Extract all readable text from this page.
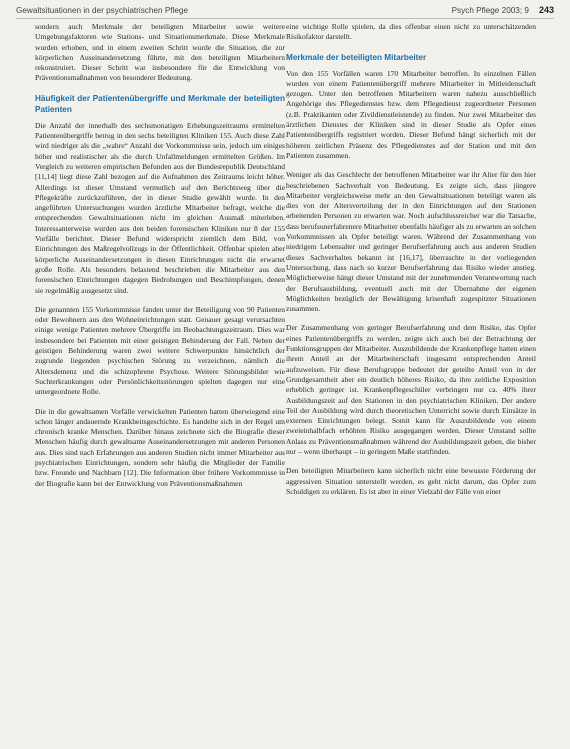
Gewaltsituationen in der psychiatrischen Pflege	Psych Pflege 2003; 9 243

sondern auch Merkmale der beteiligten Mitarbeiter sowie weitere Umgebungsfaktoren wie Stations- und Situationsmerkmale. Diese Merkmale wurden erhoben, und in einem zweiten Schritt wurde die Situation, die zur körperlichen Auseinandersetzung führte, mit den beteiligten Mitarbeitern rekonstruiert. Dieser Schritt war insbesondere für die Entwicklung von Präventionsmaßnahmen von besonderer Bedeutung.

Häufigkeit der Patientenübergriffe und Merkmale der beteiligten Patienten

Die Anzahl der innerhalb des sechsmonatigen Erhebungszeitraums ermittelten Patientenübergriffe betrug in den sechs beteiligten Kliniken 155. Auch diese Zahl wird niedriger als die „wahre“ Anzahl der Vorkommnisse sein, jedoch um einiges höher und realistischer als die durch Unfallmeldungen ermittelten Größen. Im Vergleich zu weiteren empirischen Befunden aus der Bundesrepublik Deutschland [11,14] liegt diese Zahl bezogen auf die Aufnahmen des Zeitraums leicht höher. Allerdings ist dieser Umstand vermutlich auf den Berichtsweg über die Pflegekräfte zurückzuführen, der in dieser Studie gewählt wurde. In den angeführten Untersuchungen wurden ärztliche Mitarbeiter befragt, welche die entsprechenden Gewaltsituationen nicht im gleichen Ausmaß miterleben. Interessanterweise wurden aus den beiden forensischen Kliniken nur 8 der 155 Vorfälle berichtet. Dieser Befund widerspricht ziemlich dem Bild, von Einrichtungen des Maßregelvollzugs in der Öffentlichkeit. Offenbar spielen aber körperliche Auseinandersetzungen in diesen Einrichtungen nicht die erwartet große Rolle. Als besonders belastend beschrieben die Mitarbeiter aus den forensischen Einrichtungen dagegen Bedrohungen und Beschimpfungen, denen sie regelmäßig ausgesetzt sind.

Die genannten 155 Vorkommnisse fanden unter der Beteiligung von 90 Patienten oder Bewohnern aus den Wohneinrichtungen statt. Genauer gesagt verursachten einige wenige Patienten mehrere Übergriffe im Beobachtungszeitraum. Dies war insbesondere bei Patienten mit einer geistigen Behinderung der Fall. Neben der geistigen Behinderung waren zwei weitere Schwerpunkte hinsichtlich der zugrunde liegenden psychischen Störung zu verzeichnen, nämlich die Altersdemenz und die schizophrene Psychose. Weitere Störungsbilder wie Suchterkrankungen oder Persönlichkeitsstörungen spielten dagegen nur eine untergeordnete Rolle.

Die in die gewaltsamen Vorfälle verwickelten Patienten hatten überwiegend eine schon länger andauernde Krankheitsgeschichte. Es handelte sich in der Regel um chronisch kranke Menschen. Darüber hinaus zeichnete sich die Biografie dieser Menschen häufig durch gewaltsame Auseinandersetzungen mit anderen Personen aus. Dies sind nach Erfahrungen aus anderen Studien nicht immer Mitarbeiter aus psychiatrischen Einrichtungen, sondern sehr häufig die Mitglieder der Familie bzw. Freunde und Nachbarn [12]. Die Information über frühere Vorkommnisse in der Biografie kann bei der Entwicklung von Präventionsmaßnahmen

eine wichtige Rolle spielen, da dies offenbar einen nicht zu unterschätzenden Risikofaktor darstellt.

Merkmale der beteiligten Mitarbeiter

Von den 155 Vorfällen waren 170 Mitarbeiter betroffen. In einzelnen Fällen wurden von einem Patientenübergriff mehrere Mitarbeiter in Mitleidenschaft gezogen. Unter den betroffenen Mitarbeitern waren nahezu ausschließlich Angehörige des Pflegedienstes bzw. dem Pflegedienst zugeordneter Personen (z.B. Praktikanten oder Zivildienstleistende) zu finden. Nur zwei Mitarbeiter des ärztlichen Dienstes der Kliniken sind in dieser Studie als Opfer eines Patientenübergriffs registriert worden. Dieser Befund hängt sicherlich mit der höheren zeitlichen Präsenz des Pflegedienstes auf der Station und mit den Patienten zusammen.

Weniger als das Geschlecht der betroffenen Mitarbeiter war ihr Alter für den hier beschriebenen Sachverhalt von Bedeutung. Es zeigte sich, dass jüngere Mitarbeiter vergleichsweise mehr an den Gewaltsituationen beteiligt waren als dies von der Altersverteilung der in den Einrichtungen auf den Stationen arbeitenden Personen zu erwarten war. Noch aufschlussreicher war die Tatsache, dass berufsunerfahrenere Mitarbeiter ebenfalls häufiger als zu erwarten an solchen Vorkommnissen als Opfer beteiligt waren. Während der Zusammenhang von niedrigem Lebensalter und geringer Berufserfahrung auch aus anderen Studien dieses Sachverhaltes bekannt ist [16,17], überraschte in der vorliegenden Untersuchung, dass nach so kurzer Berufserfahrung das Risiko wieder anstieg. Möglicherweise hängt dieser Umstand mit der zunehmenden Verantwortung nach der Berufsausbildung, eventuell auch mit der Übernahme der eigenen Möglichkeiten bezüglich der Bewältigung krisenhaft zugespitzter Situationen zusammen.

Der Zusammenhang von geringer Berufserfahrung und dem Risiko, das Opfer eines Patientenübergriffs zu werden, zeigte sich auch bei der Betrachtung der Funktionsgruppen der Mitarbeiter. Auszubildende der Krankenpflege hatten einen ihrem Anteil an der Mitarbeiterschaft insgesamt entsprechenden Anteil aufzuweisen. Für diese Berufsgruppe bedeutet der geteilte Anteil von in der Grundgesamtheit aber ein deutlich höheres Risiko, da ihre zeitliche Exposition erheblich geringer ist. Krankenpflegeschüler verbringen nur ca. 40% ihrer Ausbildungszeit auf den Stationen in den psychiatrischen Kliniken. Der andere Teil der Ausbildung wird durch theoretischen Unterricht sowie durch Einsätze in externen Einrichtungen belegt. Somit kann für Auszubildende von einem zweieinhalbfach erhöhten Risiko ausgegangen werden. Dieser Umstand sollte Anlass zu Präventionsmaßnahmen während der Ausbildungszeit geben, die bisher nur – wenn überhaupt – in geringem Maße stattfinden.

Den beteiligten Mitarbeitern kann sicherlich nicht eine bewusste Förderung der aggressiven Situation unterstellt werden, es geht nicht darum, das Opfer zum Schuldigen zu erklären. Es ist aber in einer Vielzahl der Fälle von einer
